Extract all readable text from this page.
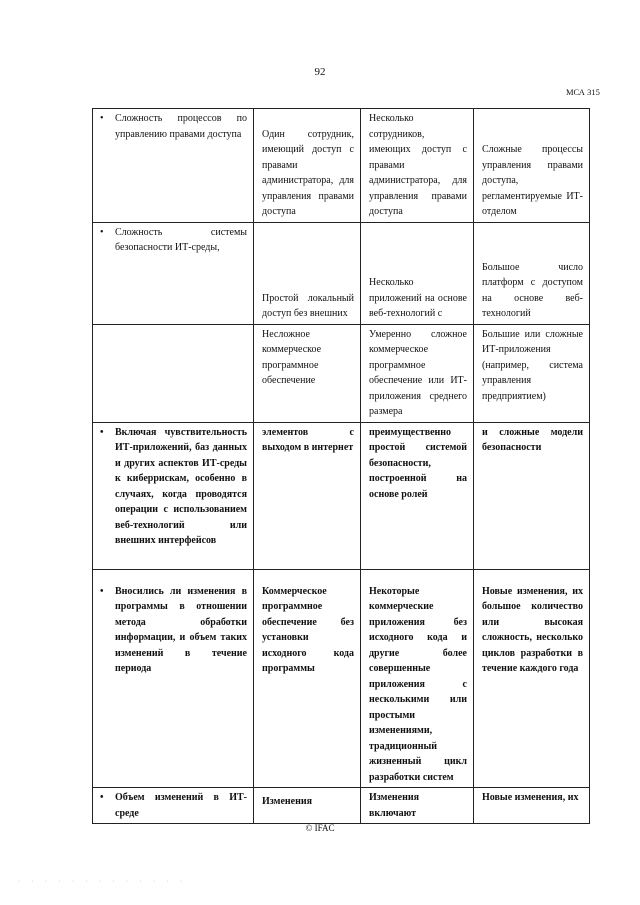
92
МСА 315
• Сложность процессов по управлению правами доступа	Один сотрудник, имеющий доступ с правами администратора, для управления правами доступа	Несколько сотрудников, имеющих доступ с правами администратора, для управления правами доступа	Сложные процессы управления правами доступа, регламентируемые ИТ-отделом

• Сложность системы безопасности ИТ-среды,	Простой локальный доступ без внешних	Несколько приложений на основе веб-технологий с	Большое число платформ с доступом на основе веб-технологий
	Несложное коммерческое программное обеспечение	Умеренно сложное коммерческое программное обеспечение или ИТ-приложения среднего размера	Большие или сложные ИТ-приложения (например, система управления предприятием)

• Включая чувствительность ИТ-приложений, баз данных и других аспектов ИТ-среды к киберрискам, особенно в случаях, когда проводятся операции с использованием веб-технологий или внешних интерфейсов	элементов с выходом в интернет	преимущественно простой системой безопасности, построенной на основе ролей	и сложные модели безопасности

• Вносились ли изменения в программы в отношении метода обработки информации, и объем таких изменений в течение периода	Коммерческое программное обеспечение без установки исходного кода программы	Некоторые коммерческие приложения без исходного кода и другие более совершенные приложения с несколькими или простыми изменениями, традиционный жизненный цикл разработки систем	Новые изменения, их большое количество или высокая сложность, несколько циклов разработки в течение каждого года

• Объем изменений в ИТ-среде	Изменения	Изменения включают	Новые изменения, их
© IFAC
· · · · · · · · · · · · ·
